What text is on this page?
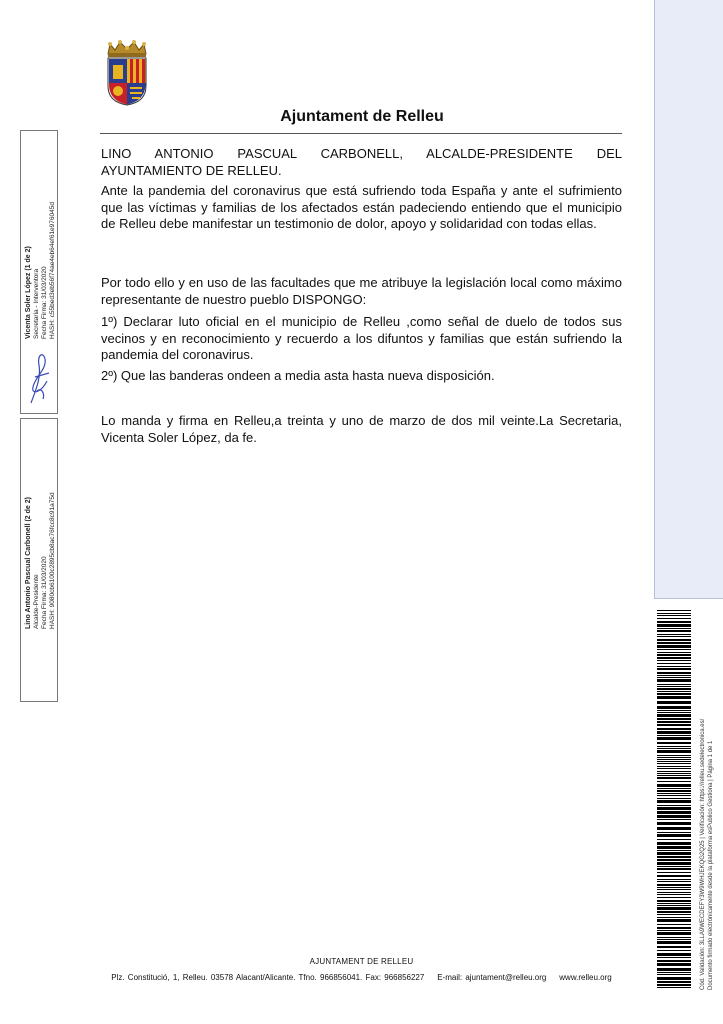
Ajuntament de Relleu

LINO ANTONIO PASCUAL CARBONELL, ALCALDE-PRESIDENTE DEL AYUNTAMIENTO DE RELLEU.

Ante la pandemia del coronavirus que está sufriendo toda España y ante el sufrimiento que las víctimas y familias de los afectados están padeciendo entiendo que el municipio de Relleu debe manifestar un testimonio de dolor, apoyo y solidaridad con todas ellas.

Por todo ello y en uso de las facultades que me atribuye la legislación local como máximo representante de nuestro pueblo DISPONGO:

1º) Declarar luto oficial en el municipio de Relleu ,como señal de duelo de todos sus vecinos y en reconocimiento y recuerdo a los difuntos y familias que están sufriendo la pandemia del coronavirus.

2º) Que las banderas ondeen a media asta hasta nueva disposición.

Lo manda y firma en Relleu,a treinta y uno de marzo de dos mil veinte.La Secretaria, Vicenta Soler López, da fe.

Vicenta Soler López (1 de 2) Secretaria - Interventora Fecha Firma: 31/03/2020 HASH: c55bed3eb56f74ae4eb64ef61e976045d
Lino Antonio Pascual Carbonell (2 de 2) Alcalde-Presidente Fecha Firma: 31/03/2020 HASH: 9080cb6100c2895cb8ac76fcc8c91a75d
Cód. Validación: 3LLA9WECDEFY3W9WHJEKQG2Q25 | Verificación: https://relleu.sedelectronica.es/ Documento firmado electrónicamente desde la plataforma esPublico Gestiona | Página 1 de 1
AJUNTAMENT DE RELLEU
Plz. Constitució, 1, Relleu. 03578 Alacant/Alicante. Tfno. 966856041. Fax: 966856227 E-mail: ajuntament@relleu.org www.relleu.org
